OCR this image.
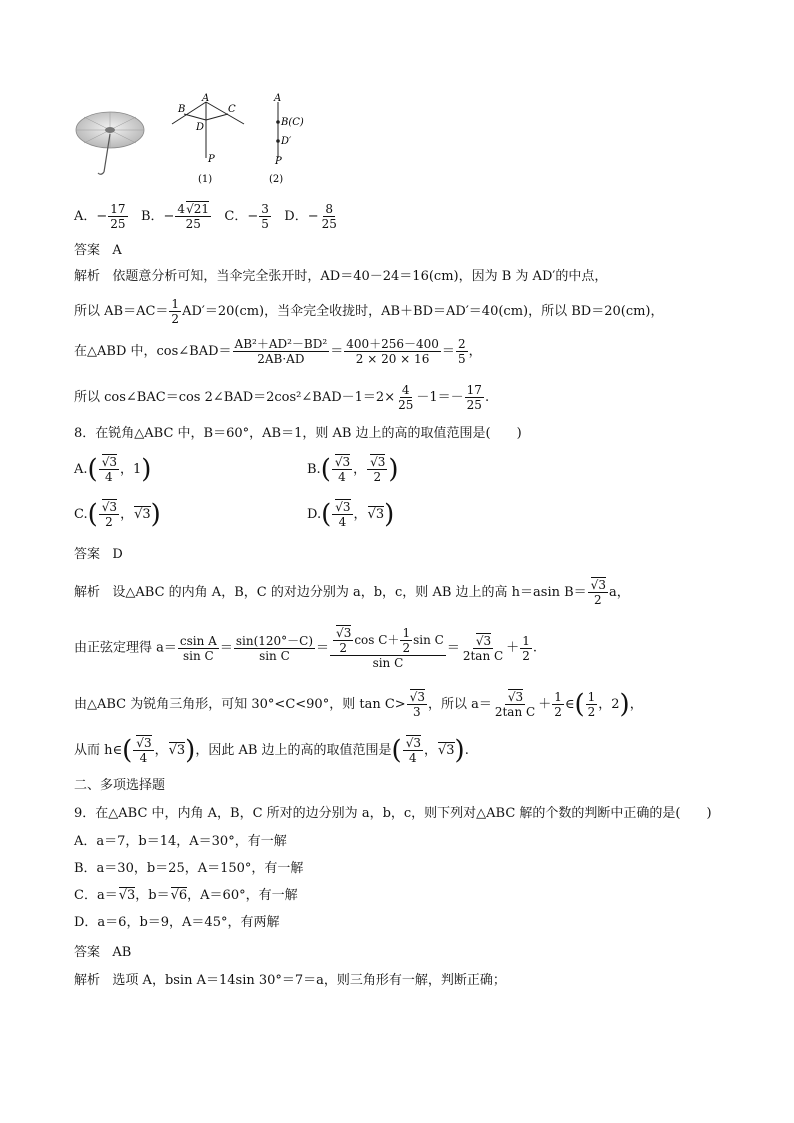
A
B	C
D
P
(1)
A
B(C)
D′
P
(2)
A．− $\frac{17}{25}$ B．− $\frac{4√21}{25}$ C．− $\frac{3}{5}$ D．− $\frac{8}{25}$
答案 A
解析   依题意分析可知，当伞完全张开时，AD＝40－24＝16(cm)，因为 B 为 AD′的中点，
所以 $AB=AC= \frac{1}{2} AD'=20(cm)$，当伞完全收拢时，AB＋BD＝AD′＝40(cm)，所以 BD＝20(cm)，
在△ABD 中，cos∠BAD＝ $\frac{\text{AB²＋AD²－BD²}}{2AB\cdot AD} = \frac{400+256-400}{2 \times 20 \times 16} = \frac{2}{5}$ ，
所以 cos∠BAC＝cos 2∠BAD＝2cos²∠BAD－1＝2× $\frac{4}{25} -1=- \frac{17}{25}$ .
8．在锐角△ABC 中，B＝60°，AB＝1，则 AB 边上的高的取值范围是(　　)
$A.( \frac{√3}{4}$ ，1)	$B.( \frac{√3}{4}$ ， $\frac{√3}{2}$ )
$C.( \frac{√3}{2}$ ，√3)	$D.( \frac{√3}{4}$ ，√3)
答案 D
解析   设△ABC 的内角 A，B，C 的对边分别为 a，b，c，则 AB 边上的高 h＝asin $B= \frac{√3}{2}$ a，
由正弦定理得 $a= \frac{\text{csin A}}{\text{sin C}} = \frac{\sin(120^\circ-C)}{\text{sin C}} = \frac{\frac{√3}{2} \cos C+ \frac{1}{2} \sin C}{\text{sin C}} = \frac{√3}{\text{2tan C}} + \frac{1}{2}$ .
由△ABC 为锐角三角形，可知 30°<C<90°，则 $\tan C> \frac{√3}{3}$ ，所以 $a= \frac{√3}{\text{2tan C}} + \frac{1}{2}$ ∈( $\frac{1}{2}$ ，2)，
从而 h∈( $\frac{√3}{4}$ ，√3)，因此 AB 边上的高的取值范围是( $\frac{√3}{4}$ ，√3).
二、多项选择题
9．在△ABC 中，内角 A，B，C 所对的边分别为 a，b，c，则下列对△ABC 解的个数的判断中正确的是(　　)
A．a＝7，b＝14，A＝30°，有一解
B．a＝30，b＝25，A＝150°，有一解
C．a＝√3，b＝√6，A＝60°，有一解
D．a＝6，b＝9，A＝45°，有两解
答案 AB
解析 选项 A，bsin A＝14sin 30°＝7＝a，则三角形有一解，判断正确；
